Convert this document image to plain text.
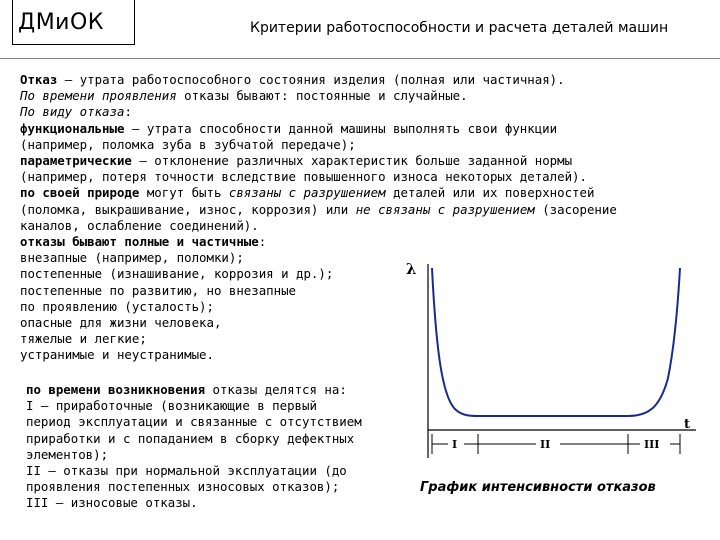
ДМиОК	Критерии работоспособности и расчета деталей машин
Отказ – утрата работоспособного состояния изделия (полная или частичная).
По времени проявления отказы бывают: постоянные и случайные.
По виду отказа:
функциональные – утрата способности данной машины выполнять свои функции
(например, поломка зуба в зубчатой передаче);
параметрические – отклонение различных характеристик больше заданной нормы
(например, потеря точности вследствие повышенного износа некоторых деталей).
по своей природе могут быть связаны с разрушением деталей или их поверхностей
(поломка, выкрашивание, износ, коррозия) или не связаны с разрушением (засорение
каналов, ослабление соединений).
отказы бывают полные и частичные:
внезапные (например, поломки);
постепенные (изнашивание, коррозия и др.);
постепенные по развитию, но внезапные
по проявлению (усталость);
опасные для жизни человека,
тяжелые и легкие;
устранимые и неустранимые.
по времени возникновения отказы делятся на:
I – приработочные (возникающие в первый
период эксплуатации и связанные с отсутствием
приработки и с попаданием в сборку дефектных
элементов);
II – отказы при нормальной эксплуатации (до
проявления постепенных износовых отказов);
III – износовые отказы.
λ
t
I	II	III
График интенсивности отказов
